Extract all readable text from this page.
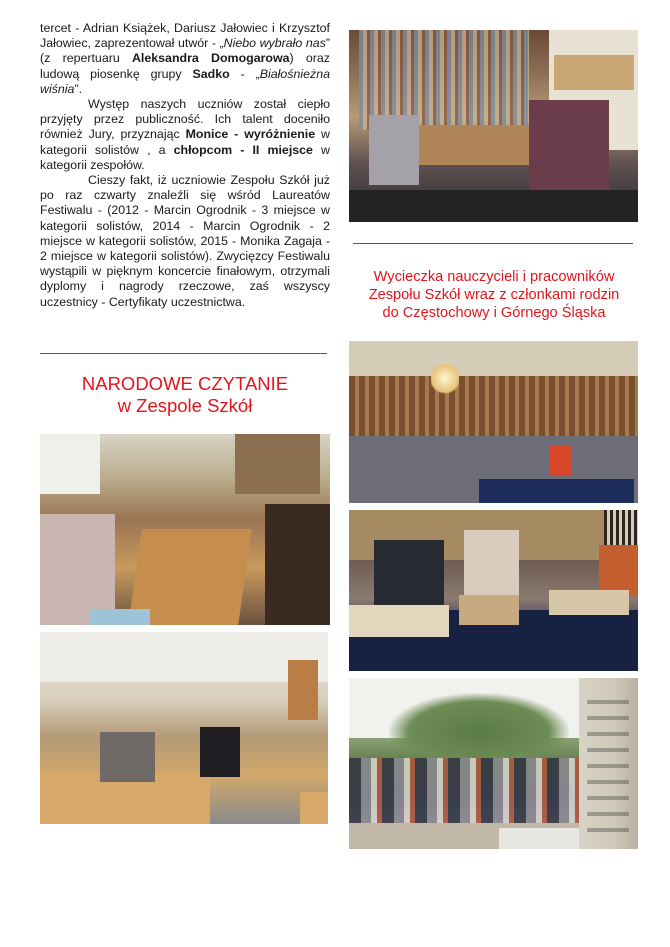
tercet - Adrian Książek, Dariusz Jałowiec i Krzysztof Jałowiec, zaprezentował utwór - „Niebo wybrało nas” (z repertuaru Aleksandra Domogarowa) oraz ludową piosenkę grupy Sadko - „Białośnieżna wiśnia”.

Występ naszych uczniów został ciepło przyjęty przez publiczność. Ich talent doceniło również Jury, przyznając Monice - wyróżnienie w kategorii solistów , a chłopcom - II miejsce w kategorii zespołów.

Cieszy fakt, iż uczniowie Zespołu Szkół już po raz czwarty znaleźli się wśród Laureatów Festiwalu - (2012 - Marcin Ogrodnik - 3 miejsce w kategorii solistów, 2014 - Marcin Ogrodnik - 2 miejsce w kategorii solistów, 2015 - Monika Zagaja - 2 miejsce w kategorii solistów). Zwycięzcy Festiwalu wystąpili w pięknym koncercie finałowym, otrzymali dyplomy i nagrody rzeczowe, zaś wszyscy uczestnicy - Certyfikaty uczestnictwa.

NARODOWE CZYTANIE
w Zespole Szkół
Wycieczka nauczycieli i pracowników
Zespołu Szkół wraz z członkami rodzin
do Częstochowy i Górnego Śląska
